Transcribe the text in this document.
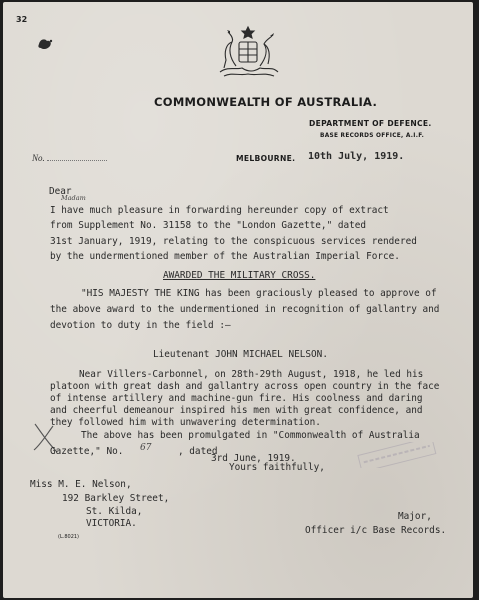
32
COMMONWEALTH OF AUSTRALIA.
DEPARTMENT OF DEFENCE.
BASE RECORDS OFFICE, A.I.F.
No.	MELBOURNE. 10th July, 1919.
Dear
Madam
I have much pleasure in forwarding hereunder copy of extract
from Supplement No. 31158 to the "London Gazette," dated
31st January, 1919, relating to the conspicuous services rendered
by the undermentioned member of the Australian Imperial Force.
AWARDED THE MILITARY CROSS.
"HIS MAJESTY THE KING has been graciously pleased to approve of
the above award to the undermentioned in recognition of gallantry and
devotion to duty in the field :—
Lieutenant JOHN MICHAEL NELSON.
Near Villers-Carbonnel, on 28th-29th August, 1918, he led his
platoon with great dash and gallantry across open country in the face
of intense artillery and machine-gun fire. His coolness and daring
and cheerful demeanour inspired his men with great confidence, and
they followed him with unwavering determination.
The above has been promulgated in "Commonwealth of Australia
Gazette," No. 67	, dated
3rd June, 1919.
Yours faithfully,
Miss M. E. Nelson,
192 Barkley Street,
St. Kilda,
VICTORIA.
(L.8021)
Major,
Officer i/c Base Records.
